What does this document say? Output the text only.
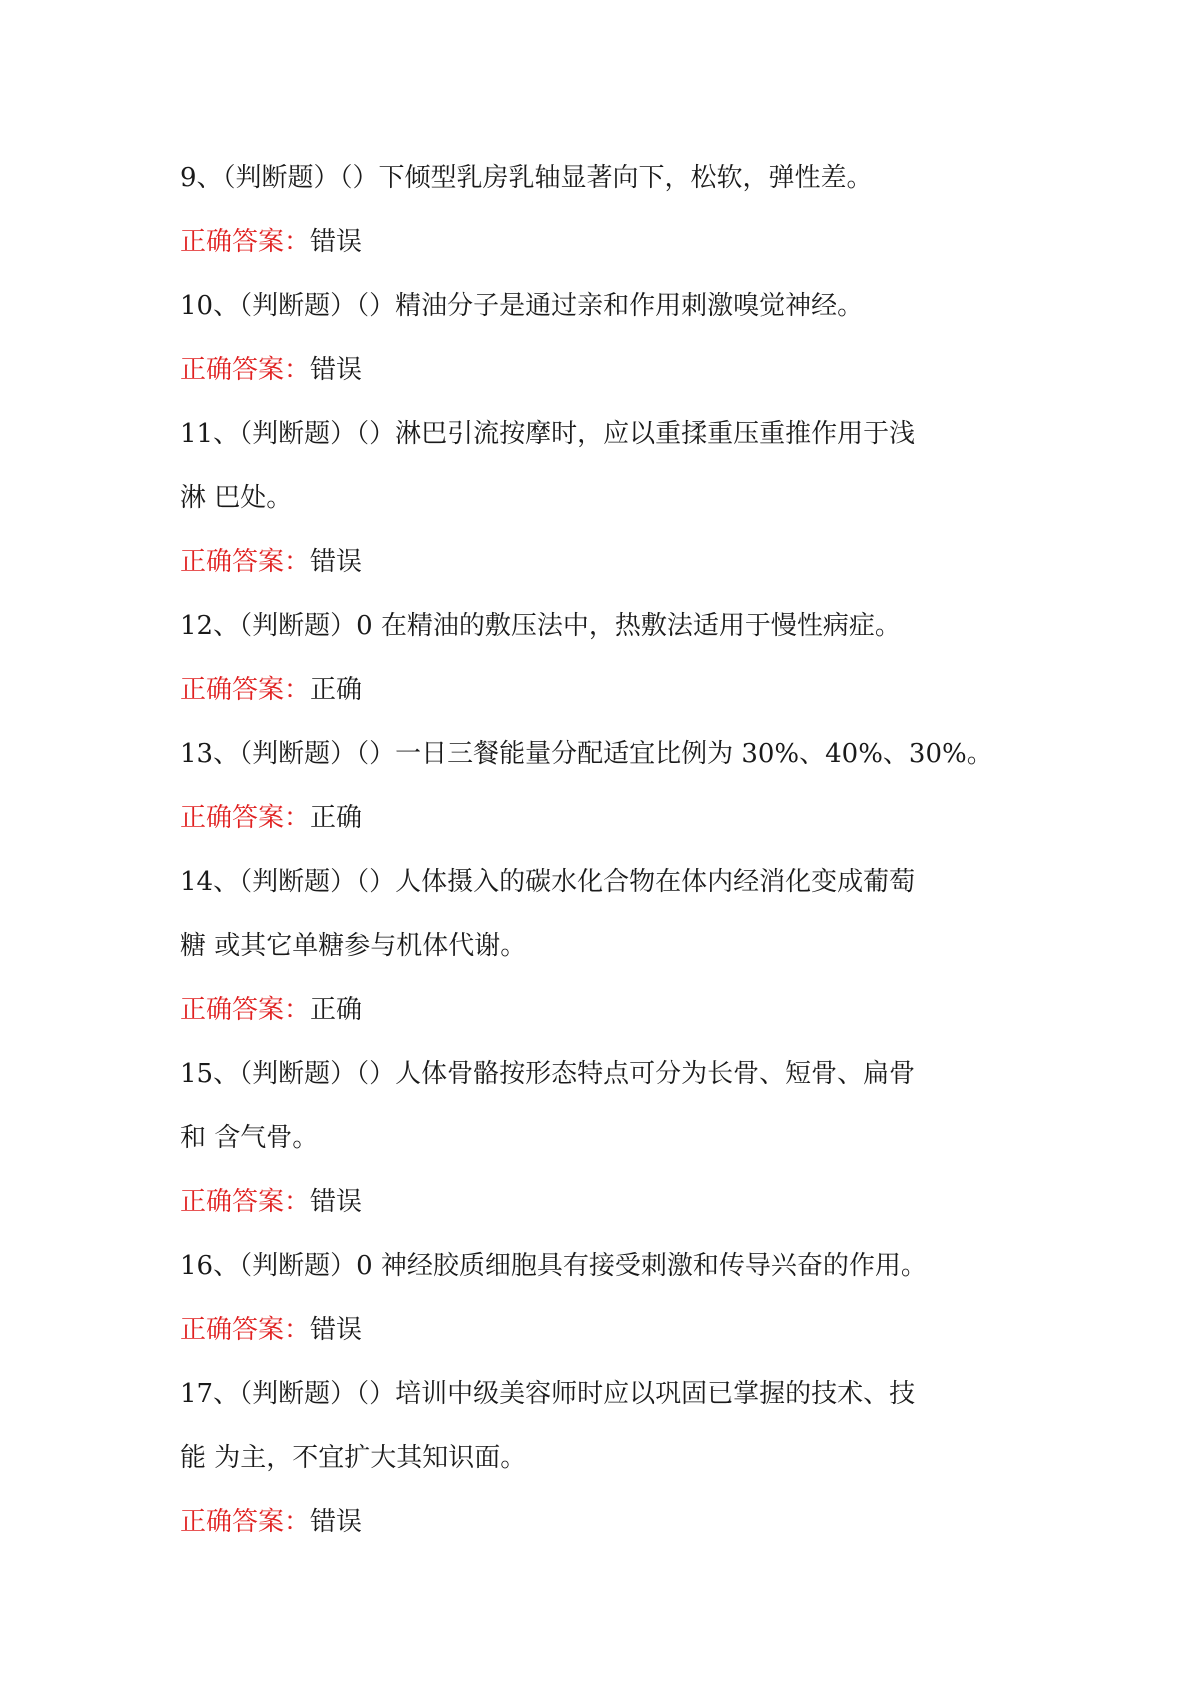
9、（判断题）（）下倾型乳房乳轴显著向下，松软，弹性差。
正确答案：错误
10、（判断题）（）精油分子是通过亲和作用刺激嗅觉神经。
正确答案：错误
11、（判断题）（）淋巴引流按摩时，应以重揉重压重推作用于浅
淋 巴处。
正确答案：错误
12、（判断题）0 在精油的敷压法中，热敷法适用于慢性病症。
正确答案：正确
13、（判断题）（）一日三餐能量分配适宜比例为 30%、40%、30%。
正确答案：正确
14、（判断题）（）人体摄入的碳水化合物在体内经消化变成葡萄
糖 或其它单糖参与机体代谢。
正确答案：正确
15、（判断题）（）人体骨骼按形态特点可分为长骨、短骨、扁骨
和 含气骨。
正确答案：错误
16、（判断题）0 神经胶质细胞具有接受刺激和传导兴奋的作用。
正确答案：错误
17、（判断题）（）培训中级美容师时应以巩固已掌握的技术、技
能 为主，不宜扩大其知识面。
正确答案：错误
